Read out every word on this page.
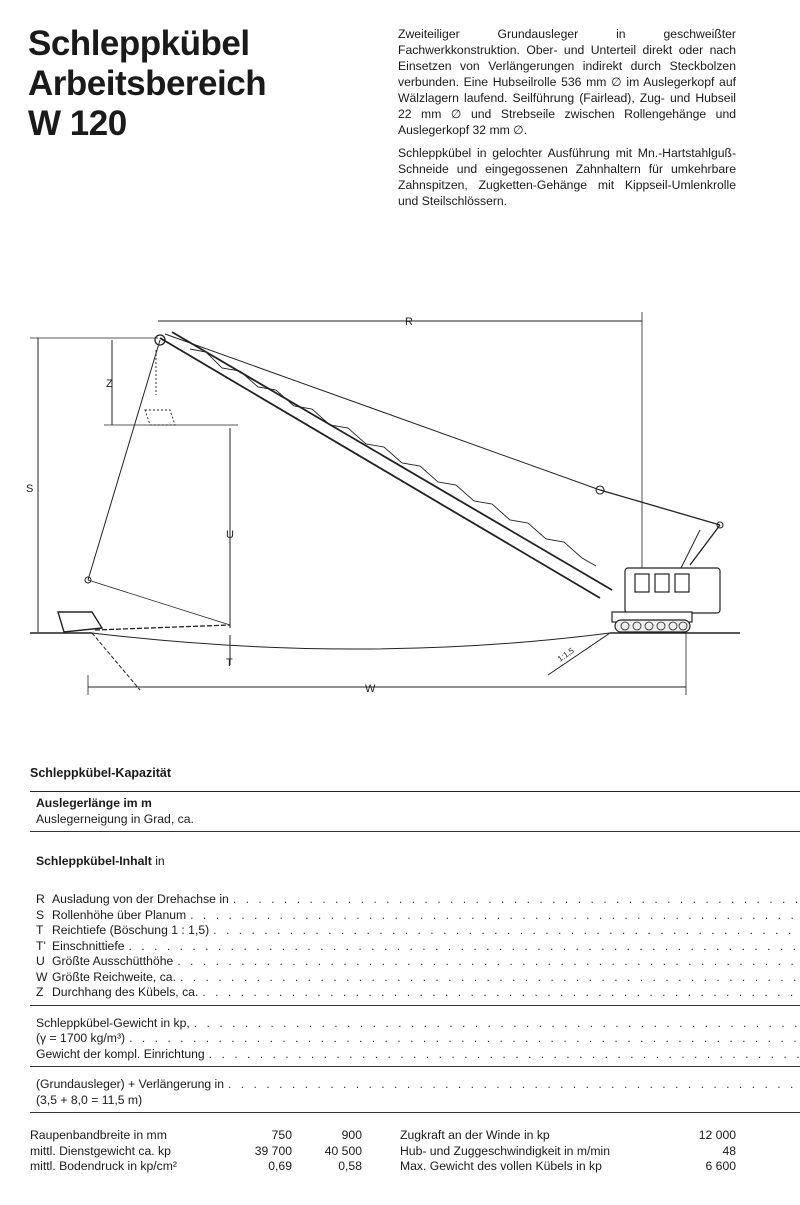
Schleppkübel
Arbeitsbereich
W 120

Zweiteiliger Grundausleger in geschweißter Fachwerkkonstruktion. Ober- und Unterteil direkt oder nach Einsetzen von Verlängerungen indirekt durch Steckbolzen verbunden. Eine Hubseilrolle 536 mm ∅ im Auslegerkopf auf Wälzlagern laufend. Seilführung (Fairlead), Zug- und Hubseil 22 mm ∅ und Strebseile zwischen Rollengehänge und Auslegerkopf 32 mm ∅.

Schleppkübel in gelochter Ausführung mit Mn.-Hartstahlguß-Schneide und eingegossenen Zahnhaltern für umkehrbare Zahnspitzen, Zugketten-Gehänge mit Kippseil-Umlenkrolle und Steilschlössern.

R
S
Z
U
T
W
1:1,5
Schleppkübel-Kapazität
Auslegerlänge im m					
Auslegerneigung in Grad, ca.					

Schleppkübel-Inhalt in					

R Ausladung von der Drehachse in
. . .

S Rollenhöhe über Planum
. . .

T Reichtiefe (Böschung 1 : 1,5)
. . .

T' Einschnittiefe
. . .

U Größte Ausschütthöhe
. . .

W Größte Reichweite, ca.
. . .

Z Durchhang des Kübels, ca.
. . .

Schleppkübel-Gewicht in kp,
. . .

(γ = 1700 kg/m³)
. . .

Gewicht der kompl. Einrichtung
. . .

(Grundausleger) + Verlängerung in
. . .

(3,5 + 8,0 = 11,5 m)					
Raupenbandbreite in mm	750	900
mittl. Dienstgewicht ca. kp	39 700	40 500
mittl. Bodendruck in kp/cm²	0,69	0,58
Zugkraft an der Winde in kp	12 000
Hub- und Zuggeschwindigkeit in m/min	48
Max. Gewicht des vollen Kübels in kp	6 600
